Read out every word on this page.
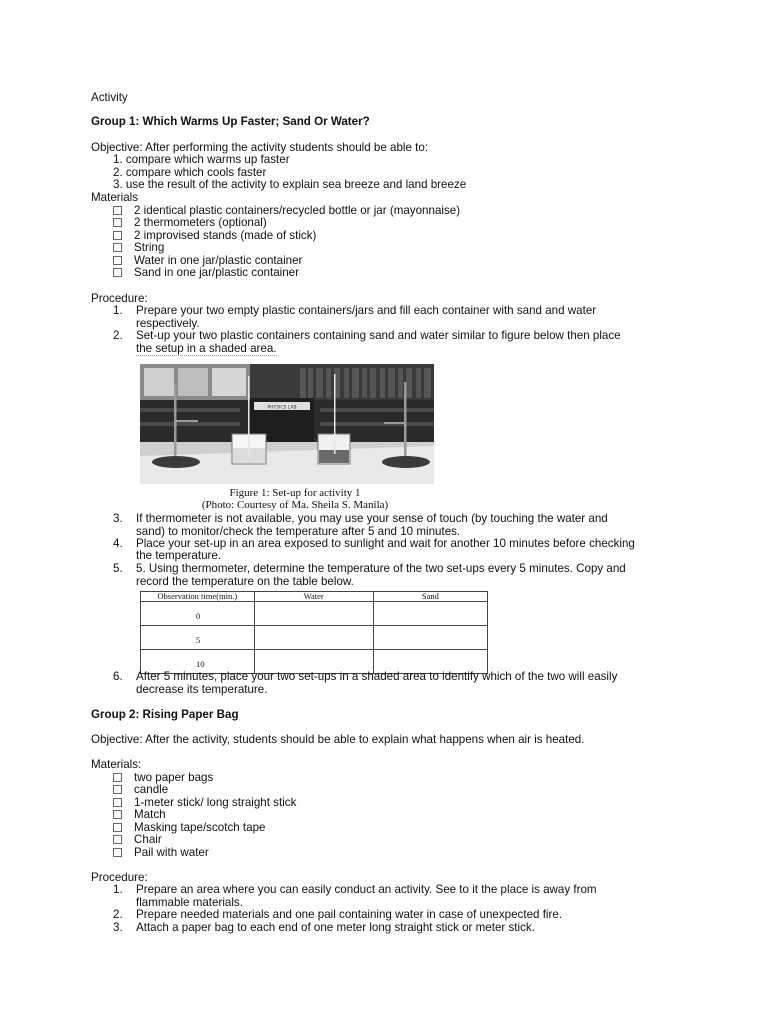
Activity
Group 1: Which Warms Up Faster; Sand Or Water?
Objective: After performing the activity students should be able to:
1. compare which warms up faster
2. compare which cools faster
3. use the result of the activity to explain sea breeze and land breeze
Materials
2 identical plastic containers/recycled bottle or jar (mayonnaise)
2 thermometers (optional)
2 improvised stands (made of stick)
String
Water in one jar/plastic container
Sand in one jar/plastic container
Procedure:
1. Prepare your two empty plastic containers/jars and fill each container with sand and water
respectively.
2. Set-up your two plastic containers containing sand and water similar to figure below then place
the setup in a shaded area.
PHYSICS LAB
Figure 1: Set-up for activity 1
(Photo: Courtesy of Ma. Sheila S. Manila)
3. If thermometer is not available, you may use your sense of touch (by touching the water and
sand) to monitor/check the temperature after 5 and 10 minutes.
4. Place your set-up in an area exposed to sunlight and wait for another 10 minutes before checking
the temperature.
5. 5. Using thermometer, determine the temperature of the two set-ups every 5 minutes. Copy and
record the temperature on the table below.
Observation time(min.)	Water	Sand
0		
5		
10		
6. After 5 minutes, place your two set-ups in a shaded area to identify which of the two will easily
decrease its temperature.
Group 2: Rising Paper Bag
Objective: After the activity, students should be able to explain what happens when air is heated.
Materials:
two paper bags
candle
1-meter stick/ long straight stick
Match
Masking tape/scotch tape
Chair
Pail with water
Procedure:
1. Prepare an area where you can easily conduct an activity. See to it the place is away from
flammable materials.
2. Prepare needed materials and one pail containing water in case of unexpected fire.
3. Attach a paper bag to each end of one meter long straight stick or meter stick.
